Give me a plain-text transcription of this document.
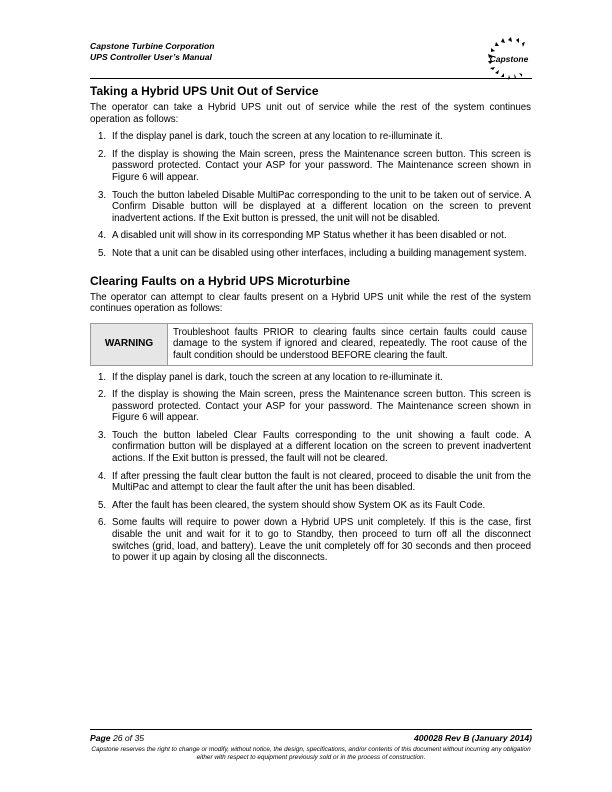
Capstone Turbine Corporation
UPS Controller User’s Manual	Capstone
Taking a Hybrid UPS Unit Out of Service

The operator can take a Hybrid UPS unit out of service while the rest of the system continues operation as follows:

1. If the display panel is dark, touch the screen at any location to re-illuminate it.
2. If the display is showing the Main screen, press the Maintenance screen button. This screen is password protected. Contact your ASP for your password. The Maintenance screen shown in Figure 6 will appear.
3. Touch the button labeled Disable MultiPac corresponding to the unit to be taken out of service. A Confirm Disable button will be displayed at a different location on the screen to prevent inadvertent actions. If the Exit button is pressed, the unit will not be disabled.
4. A disabled unit will show in its corresponding MP Status whether it has been disabled or not.
5. Note that a unit can be disabled using other interfaces, including a building management system.
Clearing Faults on a Hybrid UPS Microturbine

The operator can attempt to clear faults present on a Hybrid UPS unit while the rest of the system continues operation as follows:

WARNING
Troubleshoot faults PRIOR to clearing faults since certain faults could cause damage to the system if ignored and cleared, repeatedly. The root cause of the fault condition should be understood BEFORE clearing the fault.
1. If the display panel is dark, touch the screen at any location to re-illuminate it.
2. If the display is showing the Main screen, press the Maintenance screen button. This screen is password protected. Contact your ASP for your password. The Maintenance screen shown in Figure 6 will appear.
3. Touch the button labeled Clear Faults corresponding to the unit showing a fault code. A confirmation button will be displayed at a different location on the screen to prevent inadvertent actions. If the Exit button is pressed, the fault will not be cleared.
4. If after pressing the fault clear button the fault is not cleared, proceed to disable the unit from the MultiPac and attempt to clear the fault after the unit has been disabled.
5. After the fault has been cleared, the system should show System OK as its Fault Code.
6. Some faults will require to power down a Hybrid UPS unit completely. If this is the case, first disable the unit and wait for it to go to Standby, then proceed to turn off all the disconnect switches (grid, load, and battery). Leave the unit completely off for 30 seconds and then proceed to power it up again by closing all the disconnects.
Page 26 of 35	400028 Rev B (January 2014)
Capstone reserves the right to change or modify, without notice, the design, specifications, and/or contents of this document without incurring any obligation either with respect to equipment previously sold or in the process of construction.
